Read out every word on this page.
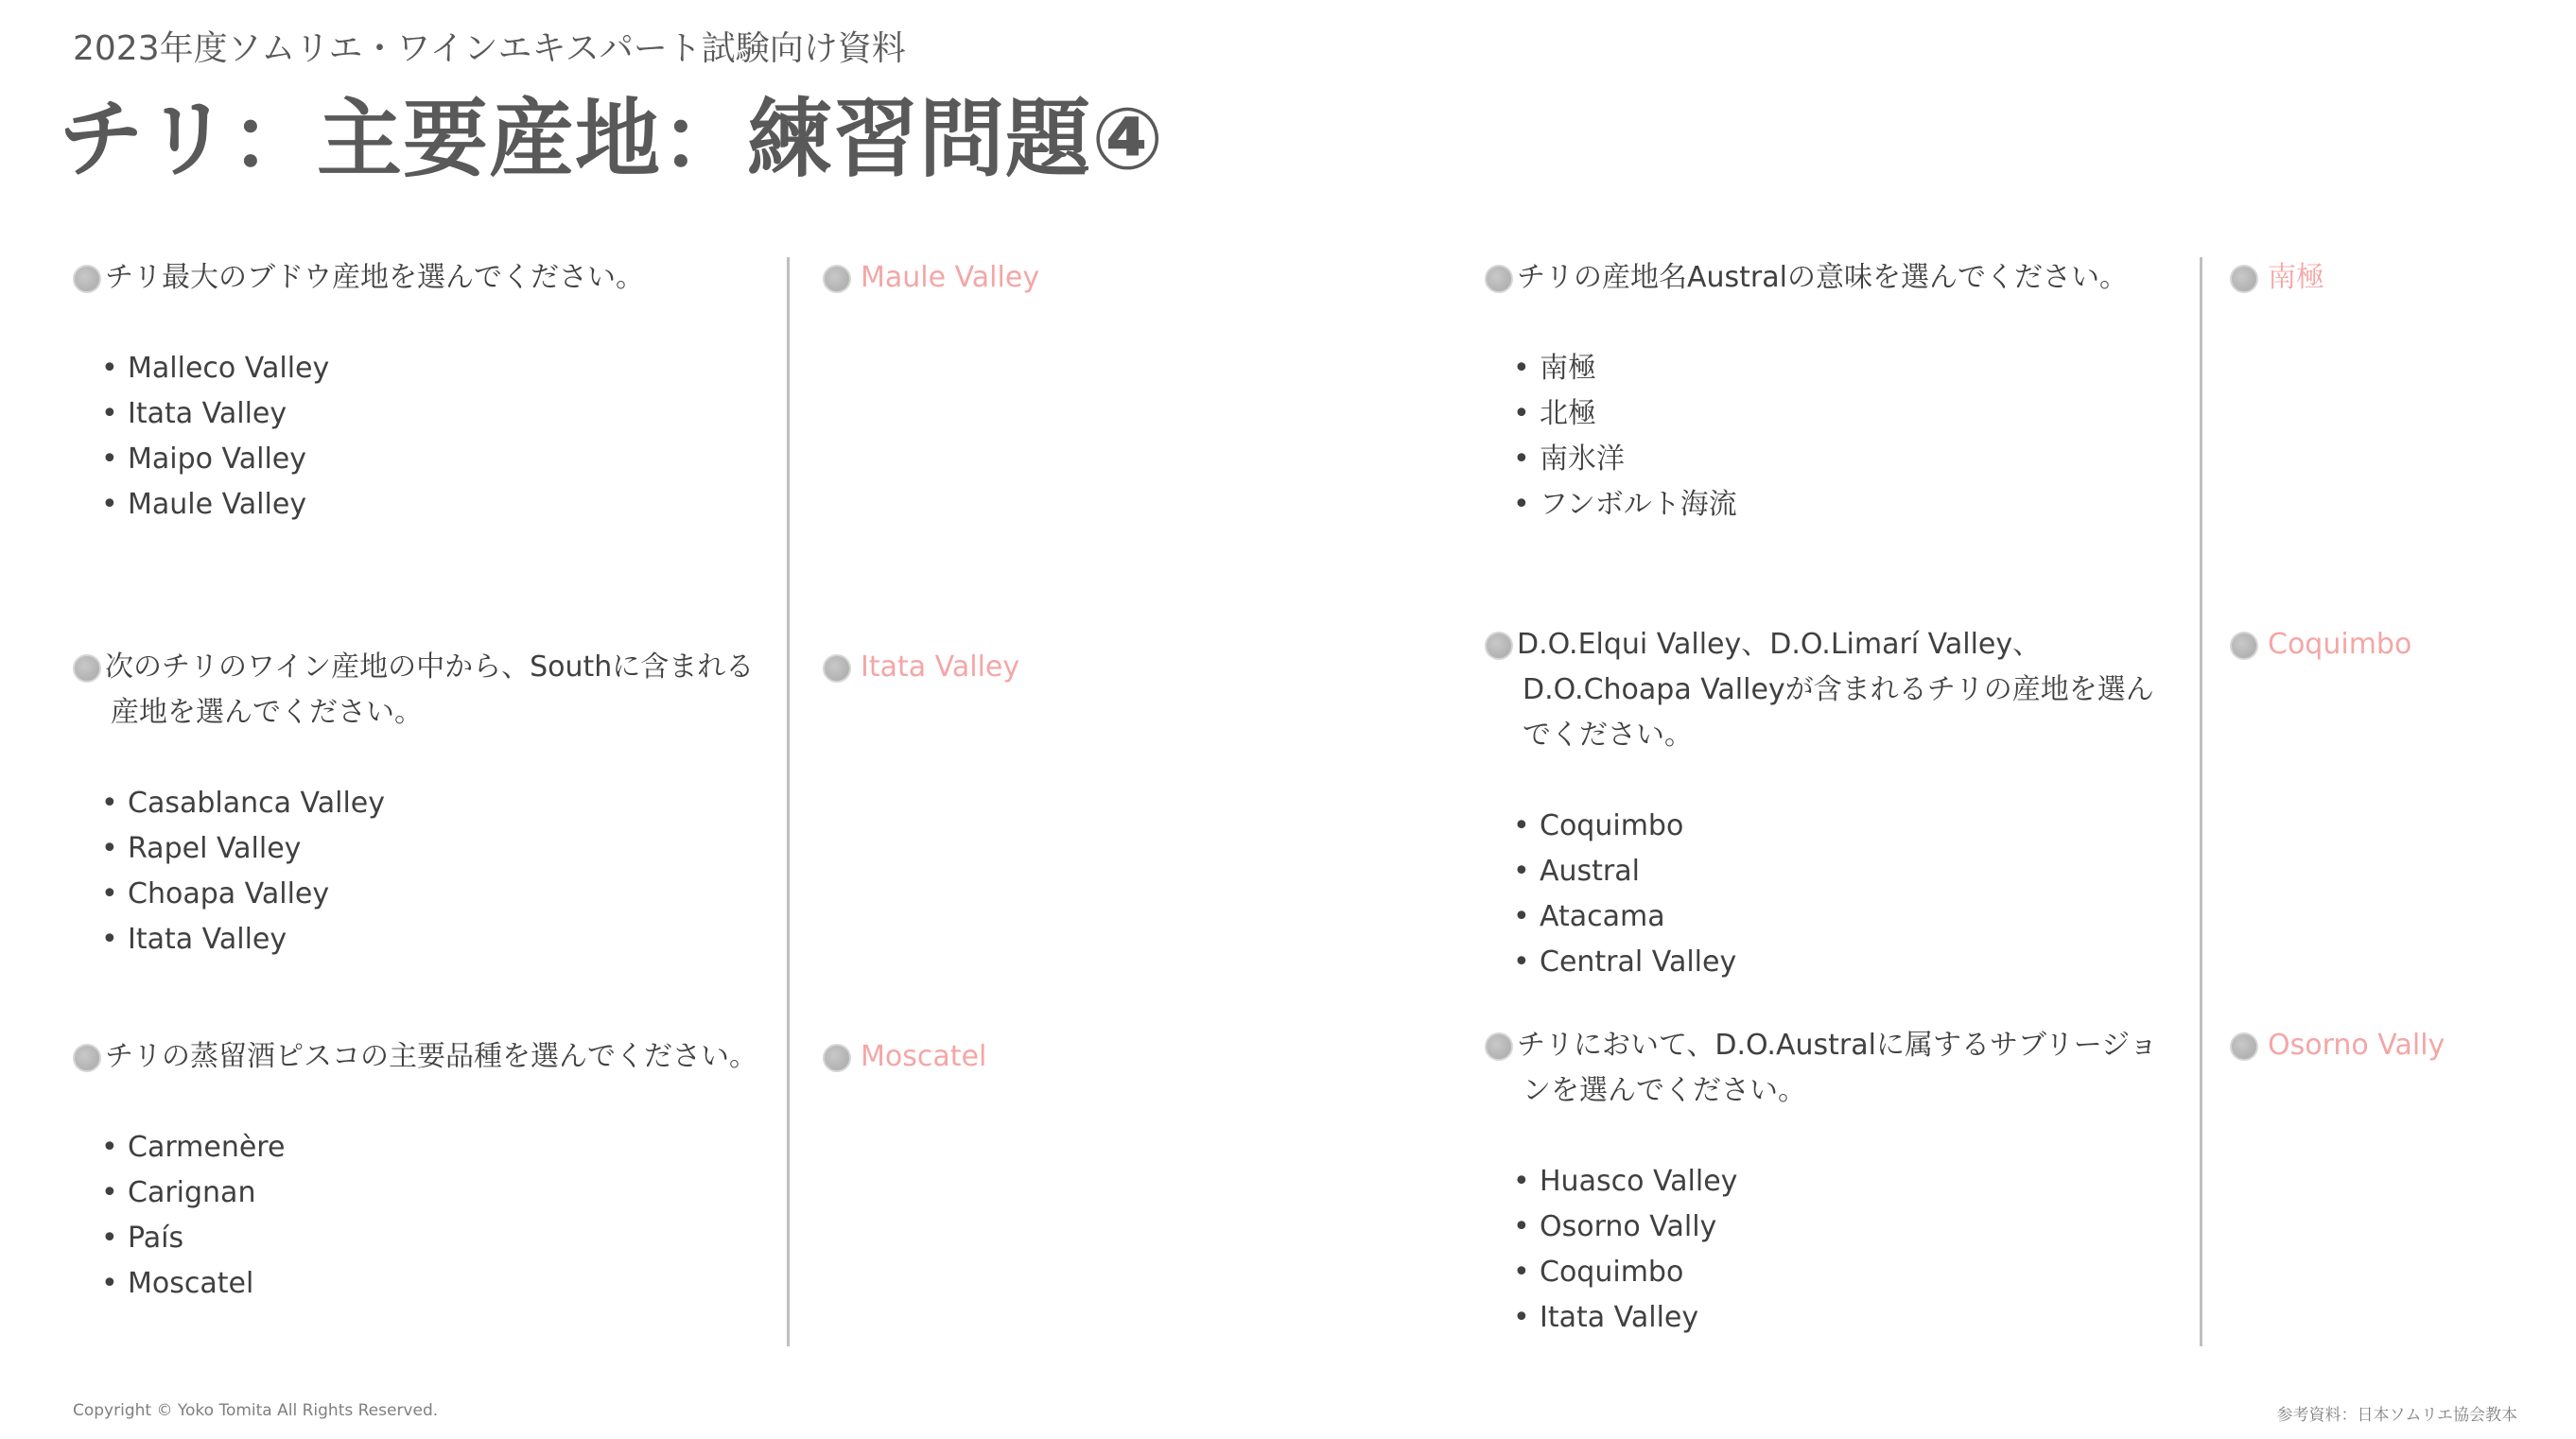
2023年度ソムリエ・ワインエキスパート試験向け資料
チリ：主要産地：練習問題④
チリ最大のブドウ産地を選んでください。
• Malleco Valley
• Itata Valley
• Maipo Valley
• Maule Valley
次のチリのワイン産地の中から、Southに含まれる産地を選んでください。
• Casablanca Valley
• Rapel Valley
• Choapa Valley
• Itata Valley
チリの蒸留酒ピスコの主要品種を選んでください。
• Carmenère
• Carignan
• País
• Moscatel
Maule Valley
Itata Valley
Moscatel
チリの産地名Australの意味を選んでください。
• 南極
• 北極
• 南氷洋
• フンボルト海流
D.O.Elqui Valley、D.O.Limarí Valley、D.O.Choapa Valleyが含まれるチリの産地を選んでください。
• Coquimbo
• Austral
• Atacama
• Central Valley
チリにおいて、D.O.Australに属するサブリージョンを選んでください。
• Huasco Valley
• Osorno Vally
• Coquimbo
• Itata Valley
南極
Coquimbo
Osorno Vally
Copyright © Yoko Tomita All Rights Reserved.	参考資料：日本ソムリエ協会教本
